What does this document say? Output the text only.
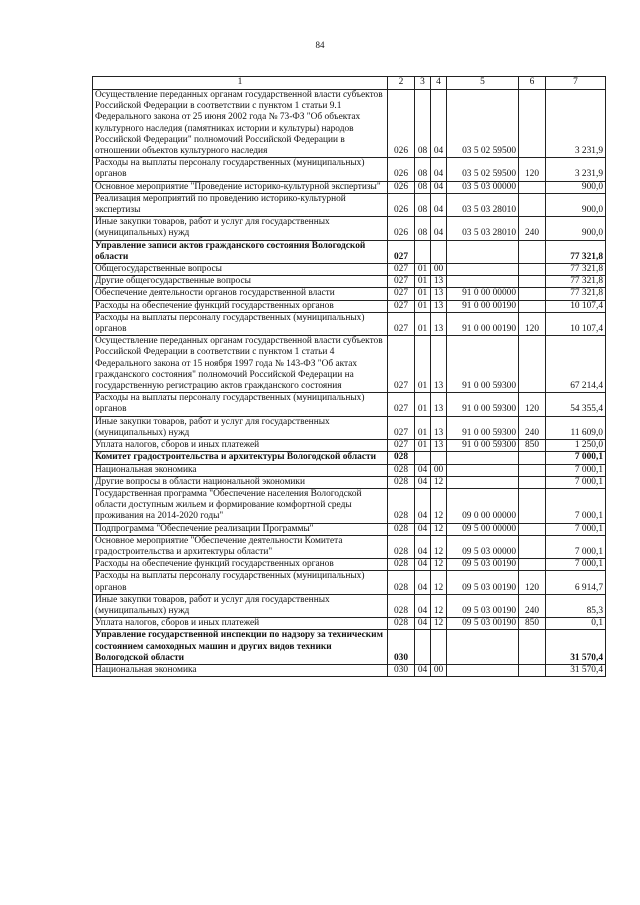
84
1	2	3	4	5	6	7
Осуществление переданных органам государственной власти субъектов Российской Федерации в соответствии с пунктом 1 статьи 9.1 Федерального закона от 25 июня 2002 года № 73-ФЗ "Об объектах культурного наследия (памятниках истории и культуры) народов Российской Федерации" полномочий Российской Федерации в отношении объектов культурного наследия	026	08	04	03 5 02 59500		3 231,9
Расходы на выплаты персоналу государственных (муниципальных) органов	026	08	04	03 5 02 59500	120	3 231,9
Основное мероприятие "Проведение историко-культурной экспертизы"	026	08	04	03 5 03 00000		900,0
Реализация мероприятий по проведению историко-культурной экспертизы	026	08	04	03 5 03 28010		900,0
Иные закупки товаров, работ и услуг для государственных (муниципальных) нужд	026	08	04	03 5 03 28010	240	900,0
Управление записи актов гражданского состояния Вологодской области	027					77 321,8
Общегосударственные вопросы	027	01	00			77 321,8
Другие общегосударственные вопросы	027	01	13			77 321,8
Обеспечение деятельности органов государственной власти	027	01	13	91 0 00 00000		77 321,8
Расходы на обеспечение функций государственных органов	027	01	13	91 0 00 00190		10 107,4
Расходы на выплаты персоналу государственных (муниципальных) органов	027	01	13	91 0 00 00190	120	10 107,4
Осуществление переданных органам государственной власти субъектов Российской Федерации в соответствии с пунктом 1 статьи 4 Федерального закона от 15 ноября 1997 года № 143-ФЗ "Об актах гражданского состояния" полномочий Российской Федерации на государственную регистрацию актов гражданского состояния	027	01	13	91 0 00 59300		67 214,4
Расходы на выплаты персоналу государственных (муниципальных) органов	027	01	13	91 0 00 59300	120	54 355,4
Иные закупки товаров, работ и услуг для государственных (муниципальных) нужд	027	01	13	91 0 00 59300	240	11 609,0
Уплата налогов, сборов и иных платежей	027	01	13	91 0 00 59300	850	1 250,0
Комитет градостроительства и архитектуры Вологодской области	028					7 000,1
Национальная экономика	028	04	00			7 000,1
Другие вопросы в области национальной экономики	028	04	12			7 000,1
Государственная программа "Обеспечение населения Вологодской области доступным жильем и формирование комфортной среды проживания на 2014-2020 годы"	028	04	12	09 0 00 00000		7 000,1
Подпрограмма "Обеспечение реализации Программы"	028	04	12	09 5 00 00000		7 000,1
Основное мероприятие "Обеспечение деятельности Комитета градостроительства и архитектуры области"	028	04	12	09 5 03 00000		7 000,1
Расходы на обеспечение функций государственных органов	028	04	12	09 5 03 00190		7 000,1
Расходы на выплаты персоналу государственных (муниципальных) органов	028	04	12	09 5 03 00190	120	6 914,7
Иные закупки товаров, работ и услуг для государственных (муниципальных) нужд	028	04	12	09 5 03 00190	240	85,3
Уплата налогов, сборов и иных платежей	028	04	12	09 5 03 00190	850	0,1
Управление государственной инспекции по надзору за техническим состоянием самоходных машин и других видов техники Вологодской области	030					31 570,4
Национальная экономика	030	04	00			31 570,4
